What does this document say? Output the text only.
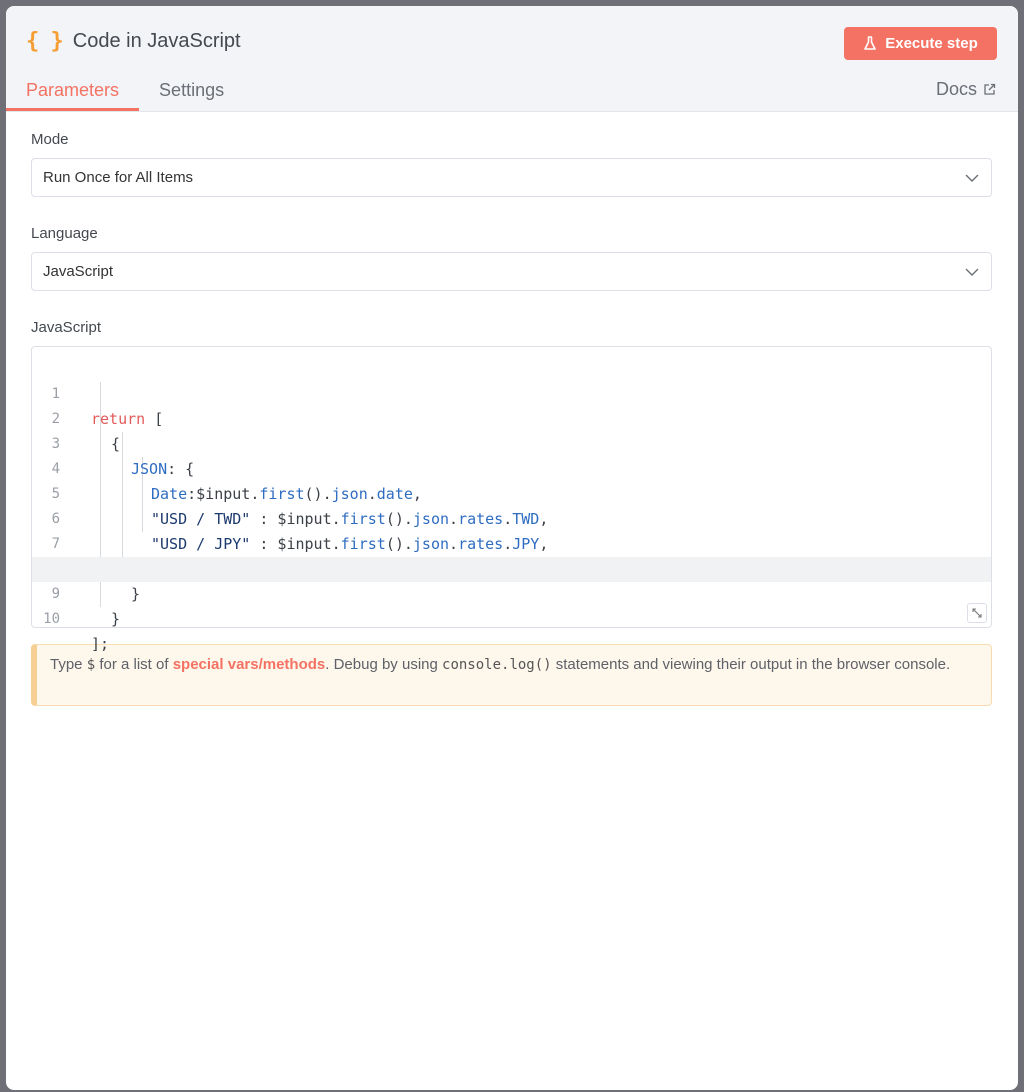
{ } Code in JavaScript	Execute step
Parameters	Settings	Docs
Mode
Run Once for All Items
Language
JavaScript
JavaScript

1

return [

2

{

3

JSON: {

4

Date:$input.first().json.date,

5

"USD / TWD" : $input.first().json.rates.TWD,

6

"USD / JPY" : $input.first().json.rates.JPY,

7

}

9

}

10

];

Type $ for a list of special vars/methods. Debug by using console.log() statements and viewing their output in the browser console.
